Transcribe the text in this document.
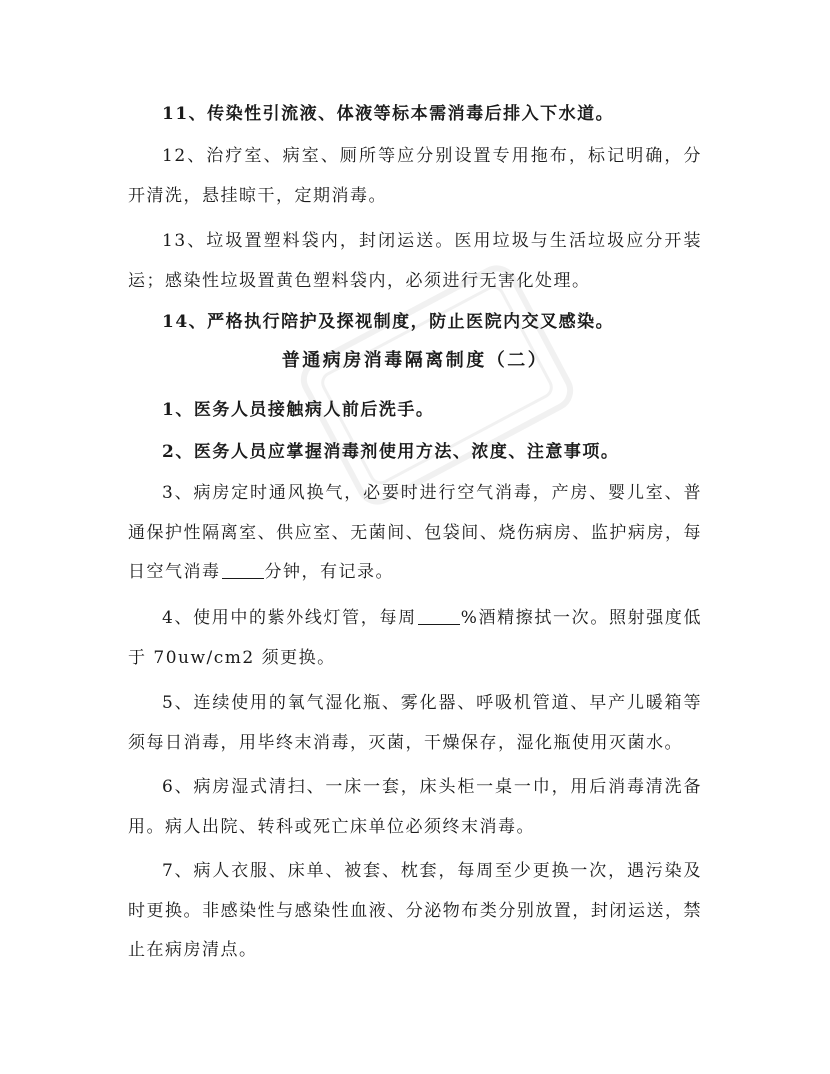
11、传染性引流液、体液等标本需消毒后排入下水道。

12、治疗室、病室、厕所等应分别设置专用拖布，标记明确，分开清洗，悬挂晾干，定期消毒。

13、垃圾置塑料袋内，封闭运送。医用垃圾与生活垃圾应分开装运；感染性垃圾置黄色塑料袋内，必须进行无害化处理。

14、严格执行陪护及探视制度，防止医院内交叉感染。

普通病房消毒隔离制度（二）

1、医务人员接触病人前后洗手。

2、医务人员应掌握消毒剂使用方法、浓度、注意事项。

3、病房定时通风换气，必要时进行空气消毒，产房、婴儿室、普通保护性隔离室、供应室、无菌间、包袋间、烧伤病房、监护病房，每日空气消毒	分钟，有记录。

4、使用中的紫外线灯管，每周	%酒精擦拭一次。照射强度低于 70uw/cm2 须更换。

5、连续使用的氧气湿化瓶、雾化器、呼吸机管道、早产儿暖箱等须每日消毒，用毕终末消毒，灭菌，干燥保存，湿化瓶使用灭菌水。

6、病房湿式清扫、一床一套，床头柜一桌一巾，用后消毒清洗备用。病人出院、转科或死亡床单位必须终末消毒。

7、病人衣服、床单、被套、枕套，每周至少更换一次，遇污染及时更换。非感染性与感染性血液、分泌物布类分别放置，封闭运送，禁止在病房清点。
